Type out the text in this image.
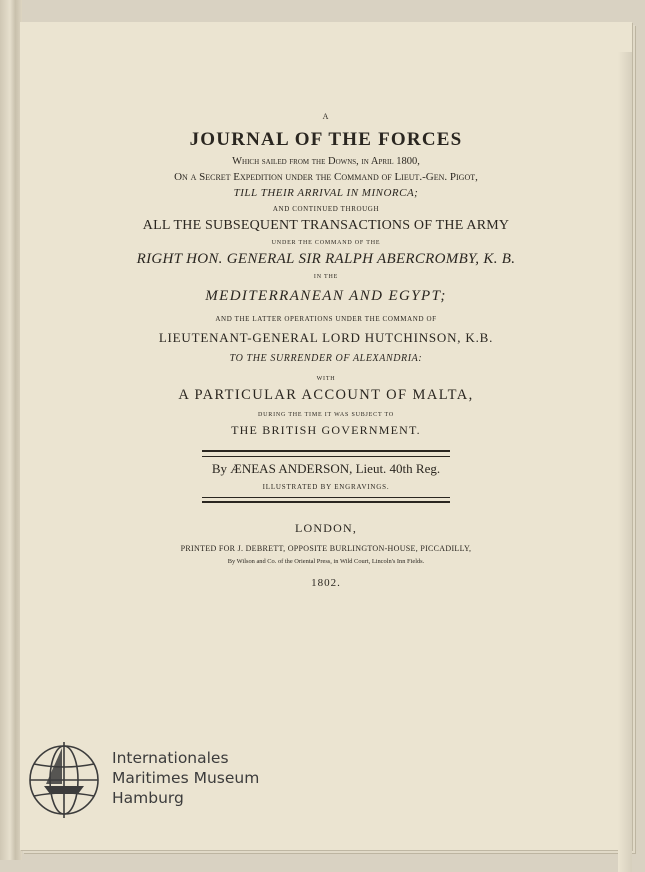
A
JOURNAL OF THE FORCES
Which sailed from the Downs, in April 1800,
On a Secret Expedition under the Command of Lieut.-Gen. Pigot,
TILL THEIR ARRIVAL IN MINORCA;
AND CONTINUED THROUGH
ALL THE SUBSEQUENT TRANSACTIONS OF THE ARMY
UNDER THE COMMAND OF THE
RIGHT HON. GENERAL SIR RALPH ABERCROMBY, K. B.
IN THE
MEDITERRANEAN AND EGYPT;
AND THE LATTER OPERATIONS UNDER THE COMMAND OF
LIEUTENANT-GENERAL LORD HUTCHINSON, K.B.
TO THE SURRENDER OF ALEXANDRIA:
WITH
A PARTICULAR ACCOUNT OF MALTA,
DURING THE TIME IT WAS SUBJECT TO
THE BRITISH GOVERNMENT.
By ÆNEAS ANDERSON, Lieut. 40th Reg.
ILLUSTRATED BY ENGRAVINGS.
LONDON,
PRINTED FOR J. DEBRETT, OPPOSITE BURLINGTON-HOUSE, PICCADILLY,
By Wilson and Co. of the Oriental Press, in Wild Court, Lincoln's Inn Fields.
1802.
Internationales
Maritimes Museum
Hamburg
